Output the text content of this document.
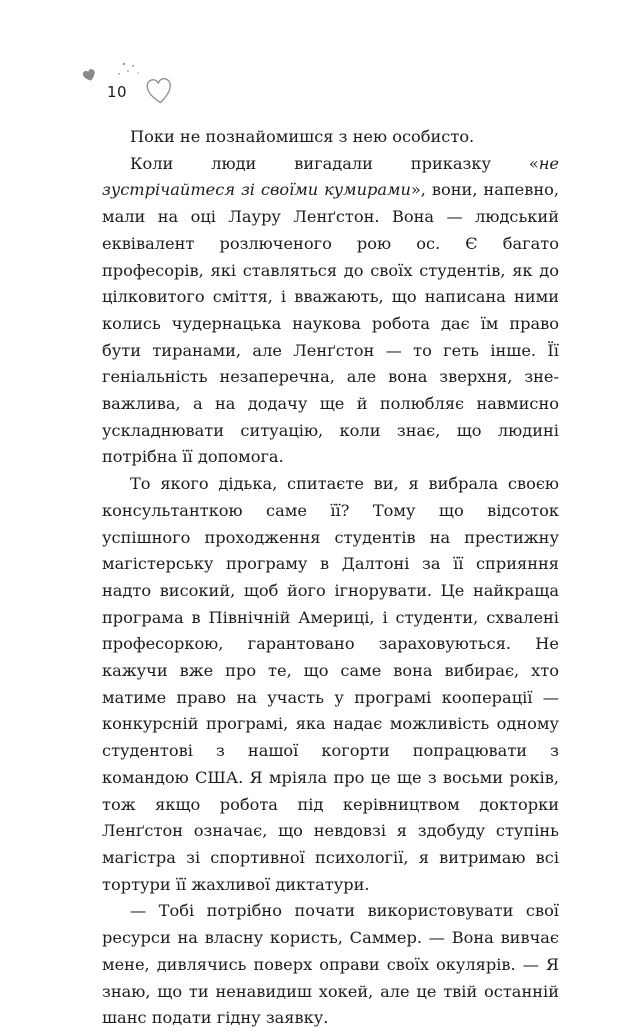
10

Поки не познайомишся з нею особисто.

Коли люди вигадали приказку «не зустрічайтеся зі своїми кумирами», вони, напевно, мали на оці Лауру Ленґстон. Вона — людський еквівалент розлюченого рою ос. Є багато професорів, які ставляться до своїх студентів, як до цілковитого сміття, і вважають, що написана ними колись чудернацька наукова робота дає їм право бути тиранами, але Ленґстон — то геть інше. Її геніальність незаперечна, але вона зверхня, зневажлива, а на додачу ще й полюбляє навмисно ускладнювати ситуацію, коли знає, що людині потрібна її допомога.

То якого дідька, спитаєте ви, я вибрала своєю консультанткою саме її? Тому що відсоток успішного проходження студентів на престижну магістерську програму в Далтоні за її сприяння надто високий, щоб його ігнорувати. Це найкраща програма в Північній Америці, і студенти, схвалені професоркою, гарантовано зараховуються. Не кажучи вже про те, що саме вона вибирає, хто матиме право на участь у програмі кооперації — конкурсній програмі, яка надає можливість одному студентові з нашої когорти попрацювати з командою США. Я мріяла про це ще з восьми років, тож якщо робота під керівництвом докторки Ленґстон означає, що невдовзі я здобуду ступінь магістра зі спортивної психології, я витримаю всі тортури її жахливої диктатури.

— Тобі потрібно почати використовувати свої ресурси на власну користь, Саммер. — Вона вивчає мене, дивлячись поверх оправи своїх окулярів. — Я знаю, що ти ненавидиш хокей, але це твій останній шанс подати гідну заявку.
